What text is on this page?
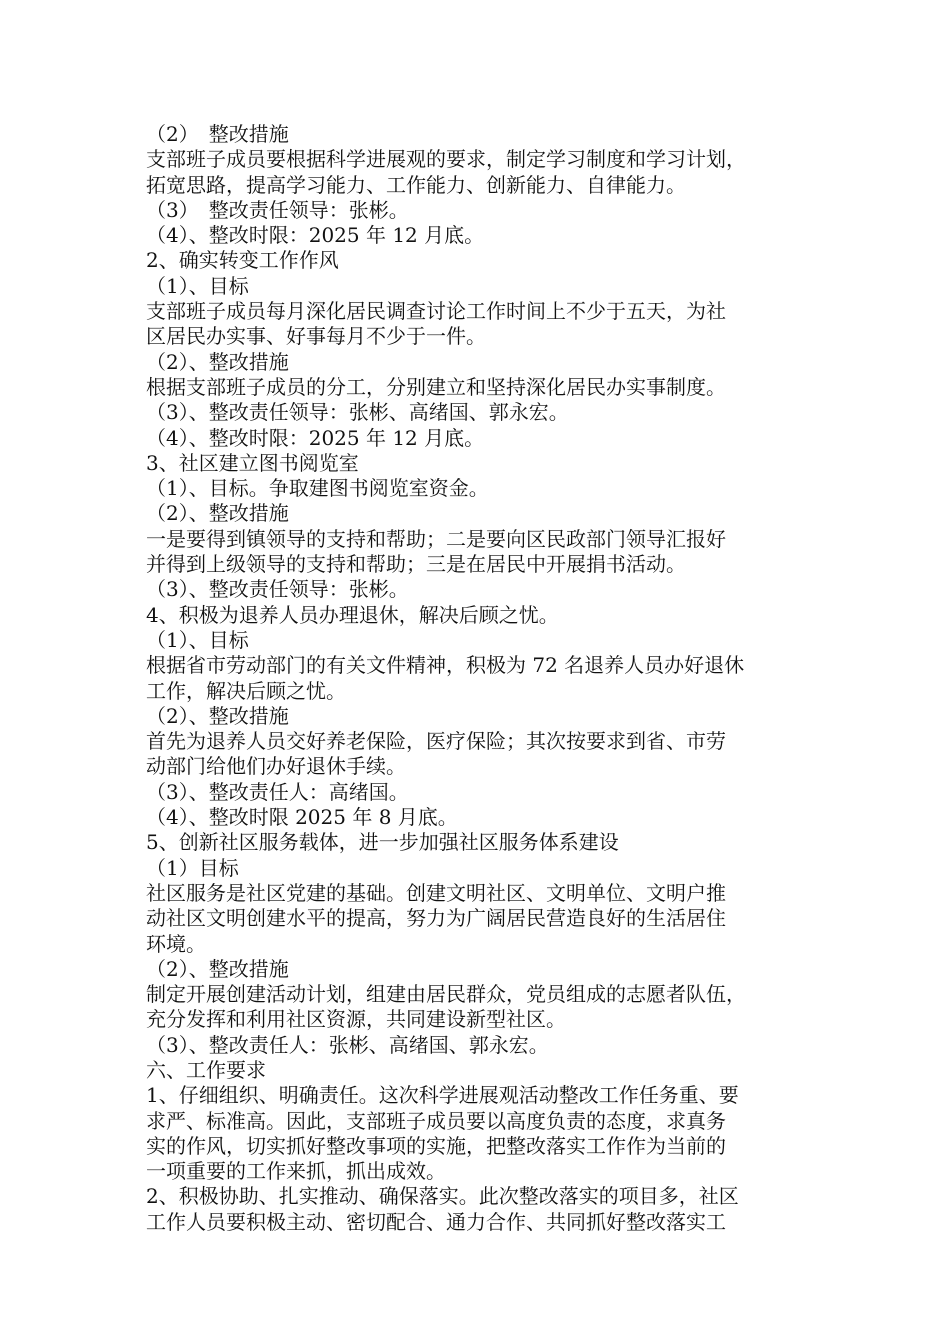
（2）　整改措施
支部班子成员要根据科学进展观的要求，制定学习制度和学习计划，
拓宽思路，提高学习能力、工作能力、创新能力、自律能力。
（3）　整改责任领导：张彬。
（4）、整改时限：2025 年 12 月底。
2、确实转变工作作风
（1）、目标
支部班子成员每月深化居民调查讨论工作时间上不少于五天，为社
区居民办实事、好事每月不少于一件。
（2）、整改措施
根据支部班子成员的分工，分别建立和坚持深化居民办实事制度。
（3）、整改责任领导：张彬、高绪国、郭永宏。
（4）、整改时限：2025 年 12 月底。
3、社区建立图书阅览室
（1）、目标。争取建图书阅览室资金。
（2）、整改措施
一是要得到镇领导的支持和帮助；二是要向区民政部门领导汇报好
并得到上级领导的支持和帮助；三是在居民中开展捐书活动。
（3）、整改责任领导：张彬。
4、积极为退养人员办理退休，解决后顾之忧。
（1）、目标
根据省市劳动部门的有关文件精神，积极为 72 名退养人员办好退休
工作，解决后顾之忧。
（2）、整改措施
首先为退养人员交好养老保险，医疗保险；其次按要求到省、市劳
动部门给他们办好退休手续。
（3）、整改责任人：高绪国。
（4）、整改时限 2025 年 8 月底。
5、创新社区服务载体，进一步加强社区服务体系建设
（1）目标
社区服务是社区党建的基础。创建文明社区、文明单位、文明户推
动社区文明创建水平的提高，努力为广阔居民营造良好的生活居住
环境。
（2）、整改措施
制定开展创建活动计划，组建由居民群众，党员组成的志愿者队伍，
充分发挥和利用社区资源，共同建设新型社区。
（3）、整改责任人：张彬、高绪国、郭永宏。
六、工作要求
1、仔细组织、明确责任。这次科学进展观活动整改工作任务重、要
求严、标准高。因此，支部班子成员要以高度负责的态度，求真务
实的作风，切实抓好整改事项的实施，把整改落实工作作为当前的
一项重要的工作来抓，抓出成效。
2、积极协助、扎实推动、确保落实。此次整改落实的项目多，社区
工作人员要积极主动、密切配合、通力合作、共同抓好整改落实工
